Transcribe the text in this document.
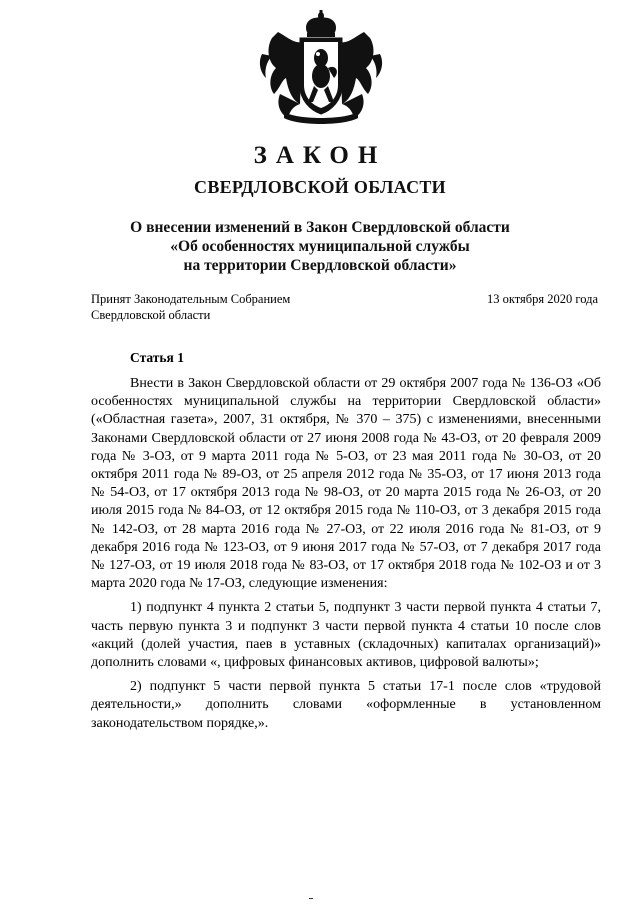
ЗАКОН
СВЕРДЛОВСКОЙ ОБЛАСТИ
О внесении изменений в Закон Свердловской области
«Об особенностях муниципальной службы
на территории Свердловской области»
Принят Законодательным Собранием
Свердловской области
13 октября 2020 года
Статья 1

Внести в Закон Свердловской области от 29 октября 2007 года № 136-ОЗ «Об особенностях муниципальной службы на территории Свердловской области» («Областная газета», 2007, 31 октября, № 370 – 375) с изменениями, внесенными Законами Свердловской области от 27 июня 2008 года № 43-ОЗ, от 20 февраля 2009 года № 3-ОЗ, от 9 марта 2011 года № 5-ОЗ, от 23 мая 2011 года № 30-ОЗ, от 20 октября 2011 года № 89-ОЗ, от 25 апреля 2012 года № 35-ОЗ, от 17 июня 2013 года № 54-ОЗ, от 17 октября 2013 года № 98-ОЗ, от 20 марта 2015 года № 26-ОЗ, от 20 июля 2015 года № 84-ОЗ, от 12 октября 2015 года № 110-ОЗ, от 3 декабря 2015 года № 142-ОЗ, от 28 марта 2016 года № 27-ОЗ, от 22 июля 2016 года № 81-ОЗ, от 9 декабря 2016 года № 123-ОЗ, от 9 июня 2017 года № 57-ОЗ, от 7 декабря 2017 года № 127-ОЗ, от 19 июля 2018 года № 83-ОЗ, от 17 октября 2018 года № 102-ОЗ и от 3 марта 2020 года № 17-ОЗ, следующие изменения:

1) подпункт 4 пункта 2 статьи 5, подпункт 3 части первой пункта 4 статьи 7, часть первую пункта 3 и подпункт 3 части первой пункта 4 статьи 10 после слов «акций (долей участия, паев в уставных (складочных) капиталах организаций)» дополнить словами «, цифровых финансовых активов, цифровой валюты»;

2) подпункт 5 части первой пункта 5 статьи 17-1 после слов «трудовой деятельности,» дополнить словами «оформленные в установленном законодательством порядке,».
